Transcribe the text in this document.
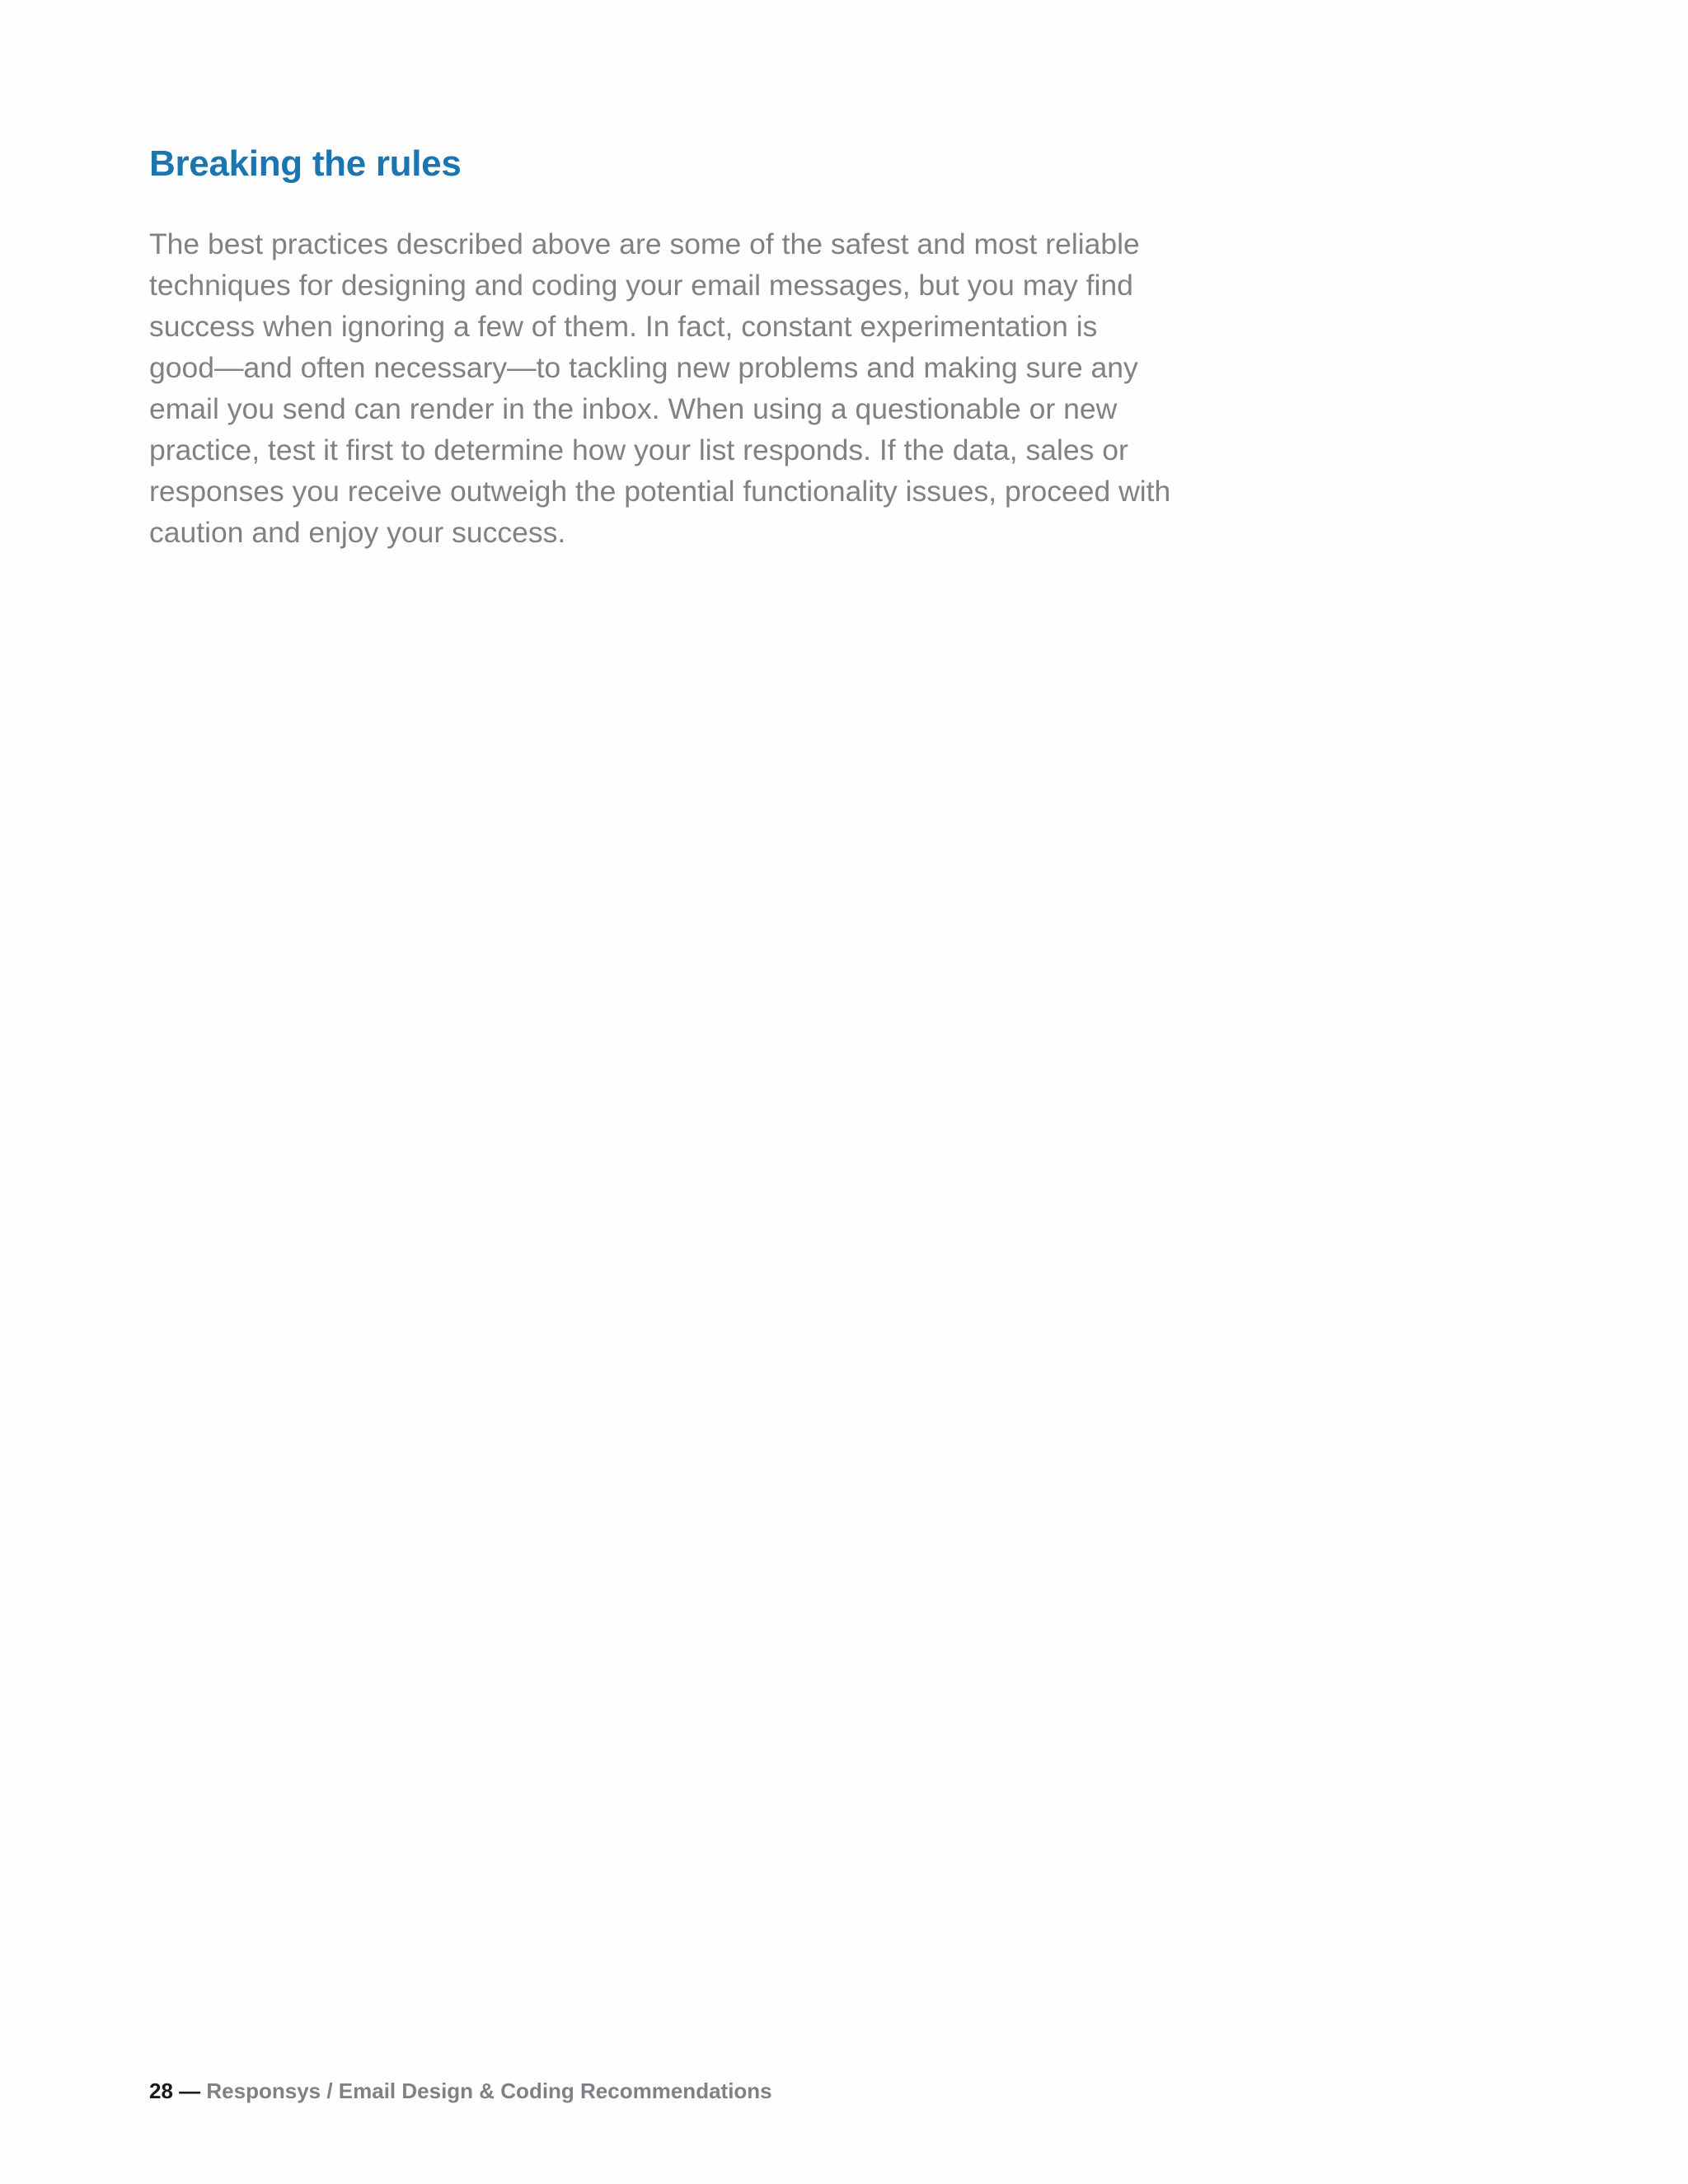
Breaking the rules

The best practices described above are some of the safest and most reliable
techniques for designing and coding your email messages, but you may find
success when ignoring a few of them. In fact, constant experimentation is
good—and often necessary—to tackling new problems and making sure any
email you send can render in the inbox. When using a questionable or new
practice, test it first to determine how your list responds. If the data, sales or
responses you receive outweigh the potential functionality issues, proceed with
caution and enjoy your success.

28 — Responsys / Email Design & Coding Recommendations
